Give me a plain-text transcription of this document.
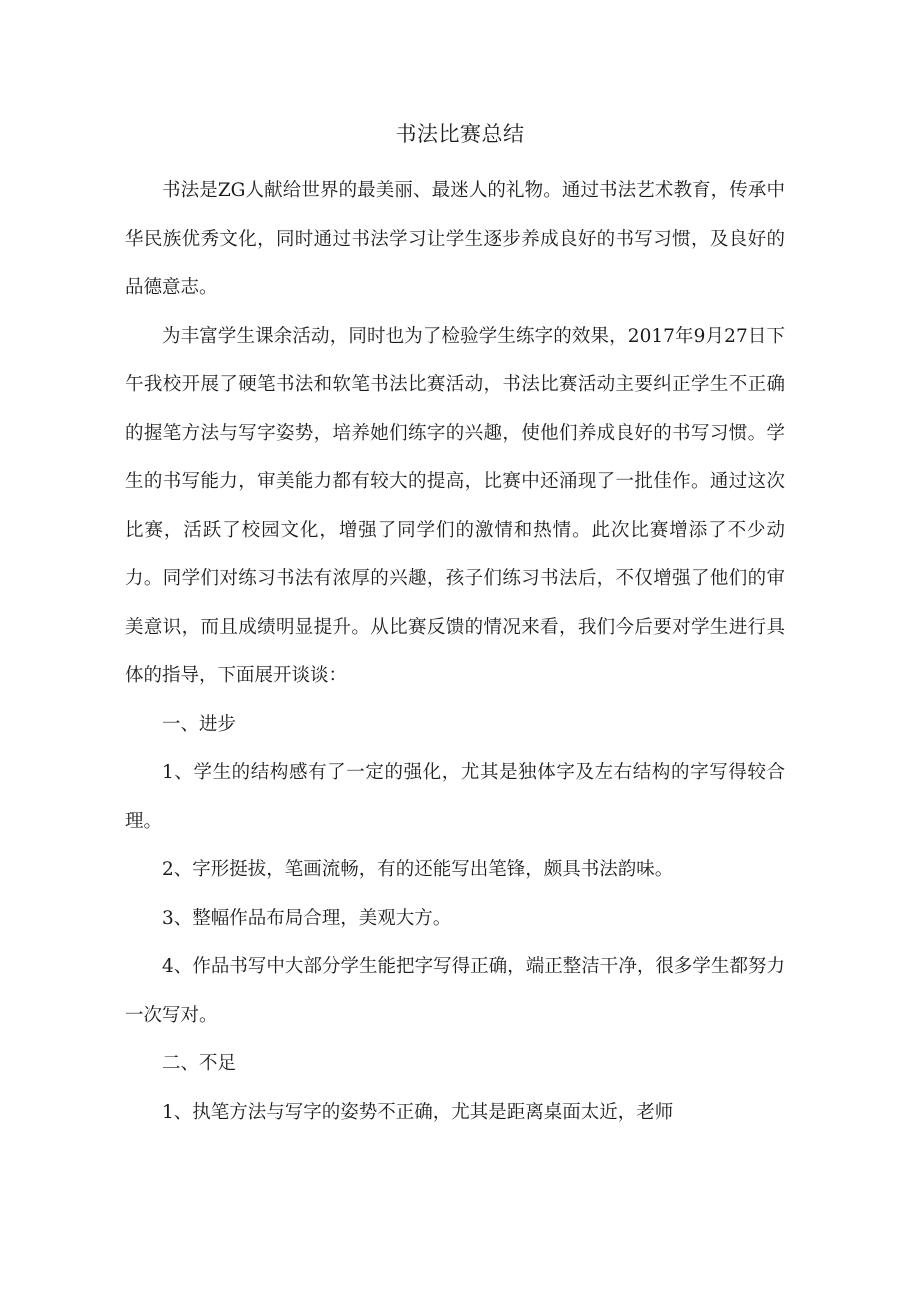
书法比赛总结

书法是ZG人献给世界的最美丽、最迷人的礼物。通过书法艺术教育，传承中华民族优秀文化，同时通过书法学习让学生逐步养成良好的书写习惯，及良好的品德意志。

为丰富学生课余活动，同时也为了检验学生练字的效果，2017年9月27日下午我校开展了硬笔书法和软笔书法比赛活动，书法比赛活动主要纠正学生不正确的握笔方法与写字姿势，培养她们练字的兴趣，使他们养成良好的书写习惯。学生的书写能力，审美能力都有较大的提高，比赛中还涌现了一批佳作。通过这次比赛，活跃了校园文化，增强了同学们的激情和热情。此次比赛增添了不少动力。同学们对练习书法有浓厚的兴趣，孩子们练习书法后，不仅增强了他们的审美意识，而且成绩明显提升。从比赛反馈的情况来看，我们今后要对学生进行具体的指导，下面展开谈谈：

一、进步

1、学生的结构感有了一定的强化，尤其是独体字及左右结构的字写得较合理。

2、字形挺拔，笔画流畅，有的还能写出笔锋，颇具书法韵味。

3、整幅作品布局合理，美观大方。

4、作品书写中大部分学生能把字写得正确，端正整洁干净，很多学生都努力一次写对。

二、不足

1、执笔方法与写字的姿势不正确，尤其是距离桌面太近，老师
